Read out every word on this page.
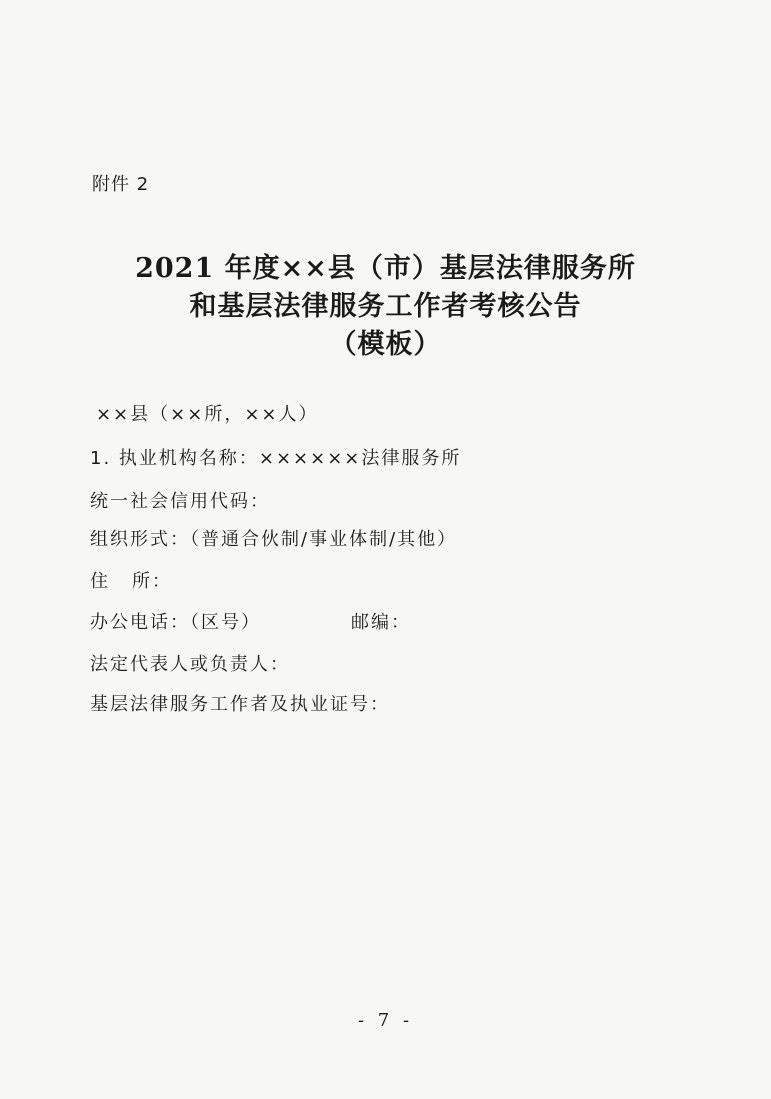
附件 2
2021 年度××县（市）基层法律服务所
和基层法律服务工作者考核公告
（模板）
××县（××所，××人）
1. 执业机构名称：××××××法律服务所
统一社会信用代码：
组织形式：（普通合伙制/事业体制/其他）
住 所：
办公电话：（区号）	邮编：
法定代表人或负责人：
基层法律服务工作者及执业证号：
- 7 -
